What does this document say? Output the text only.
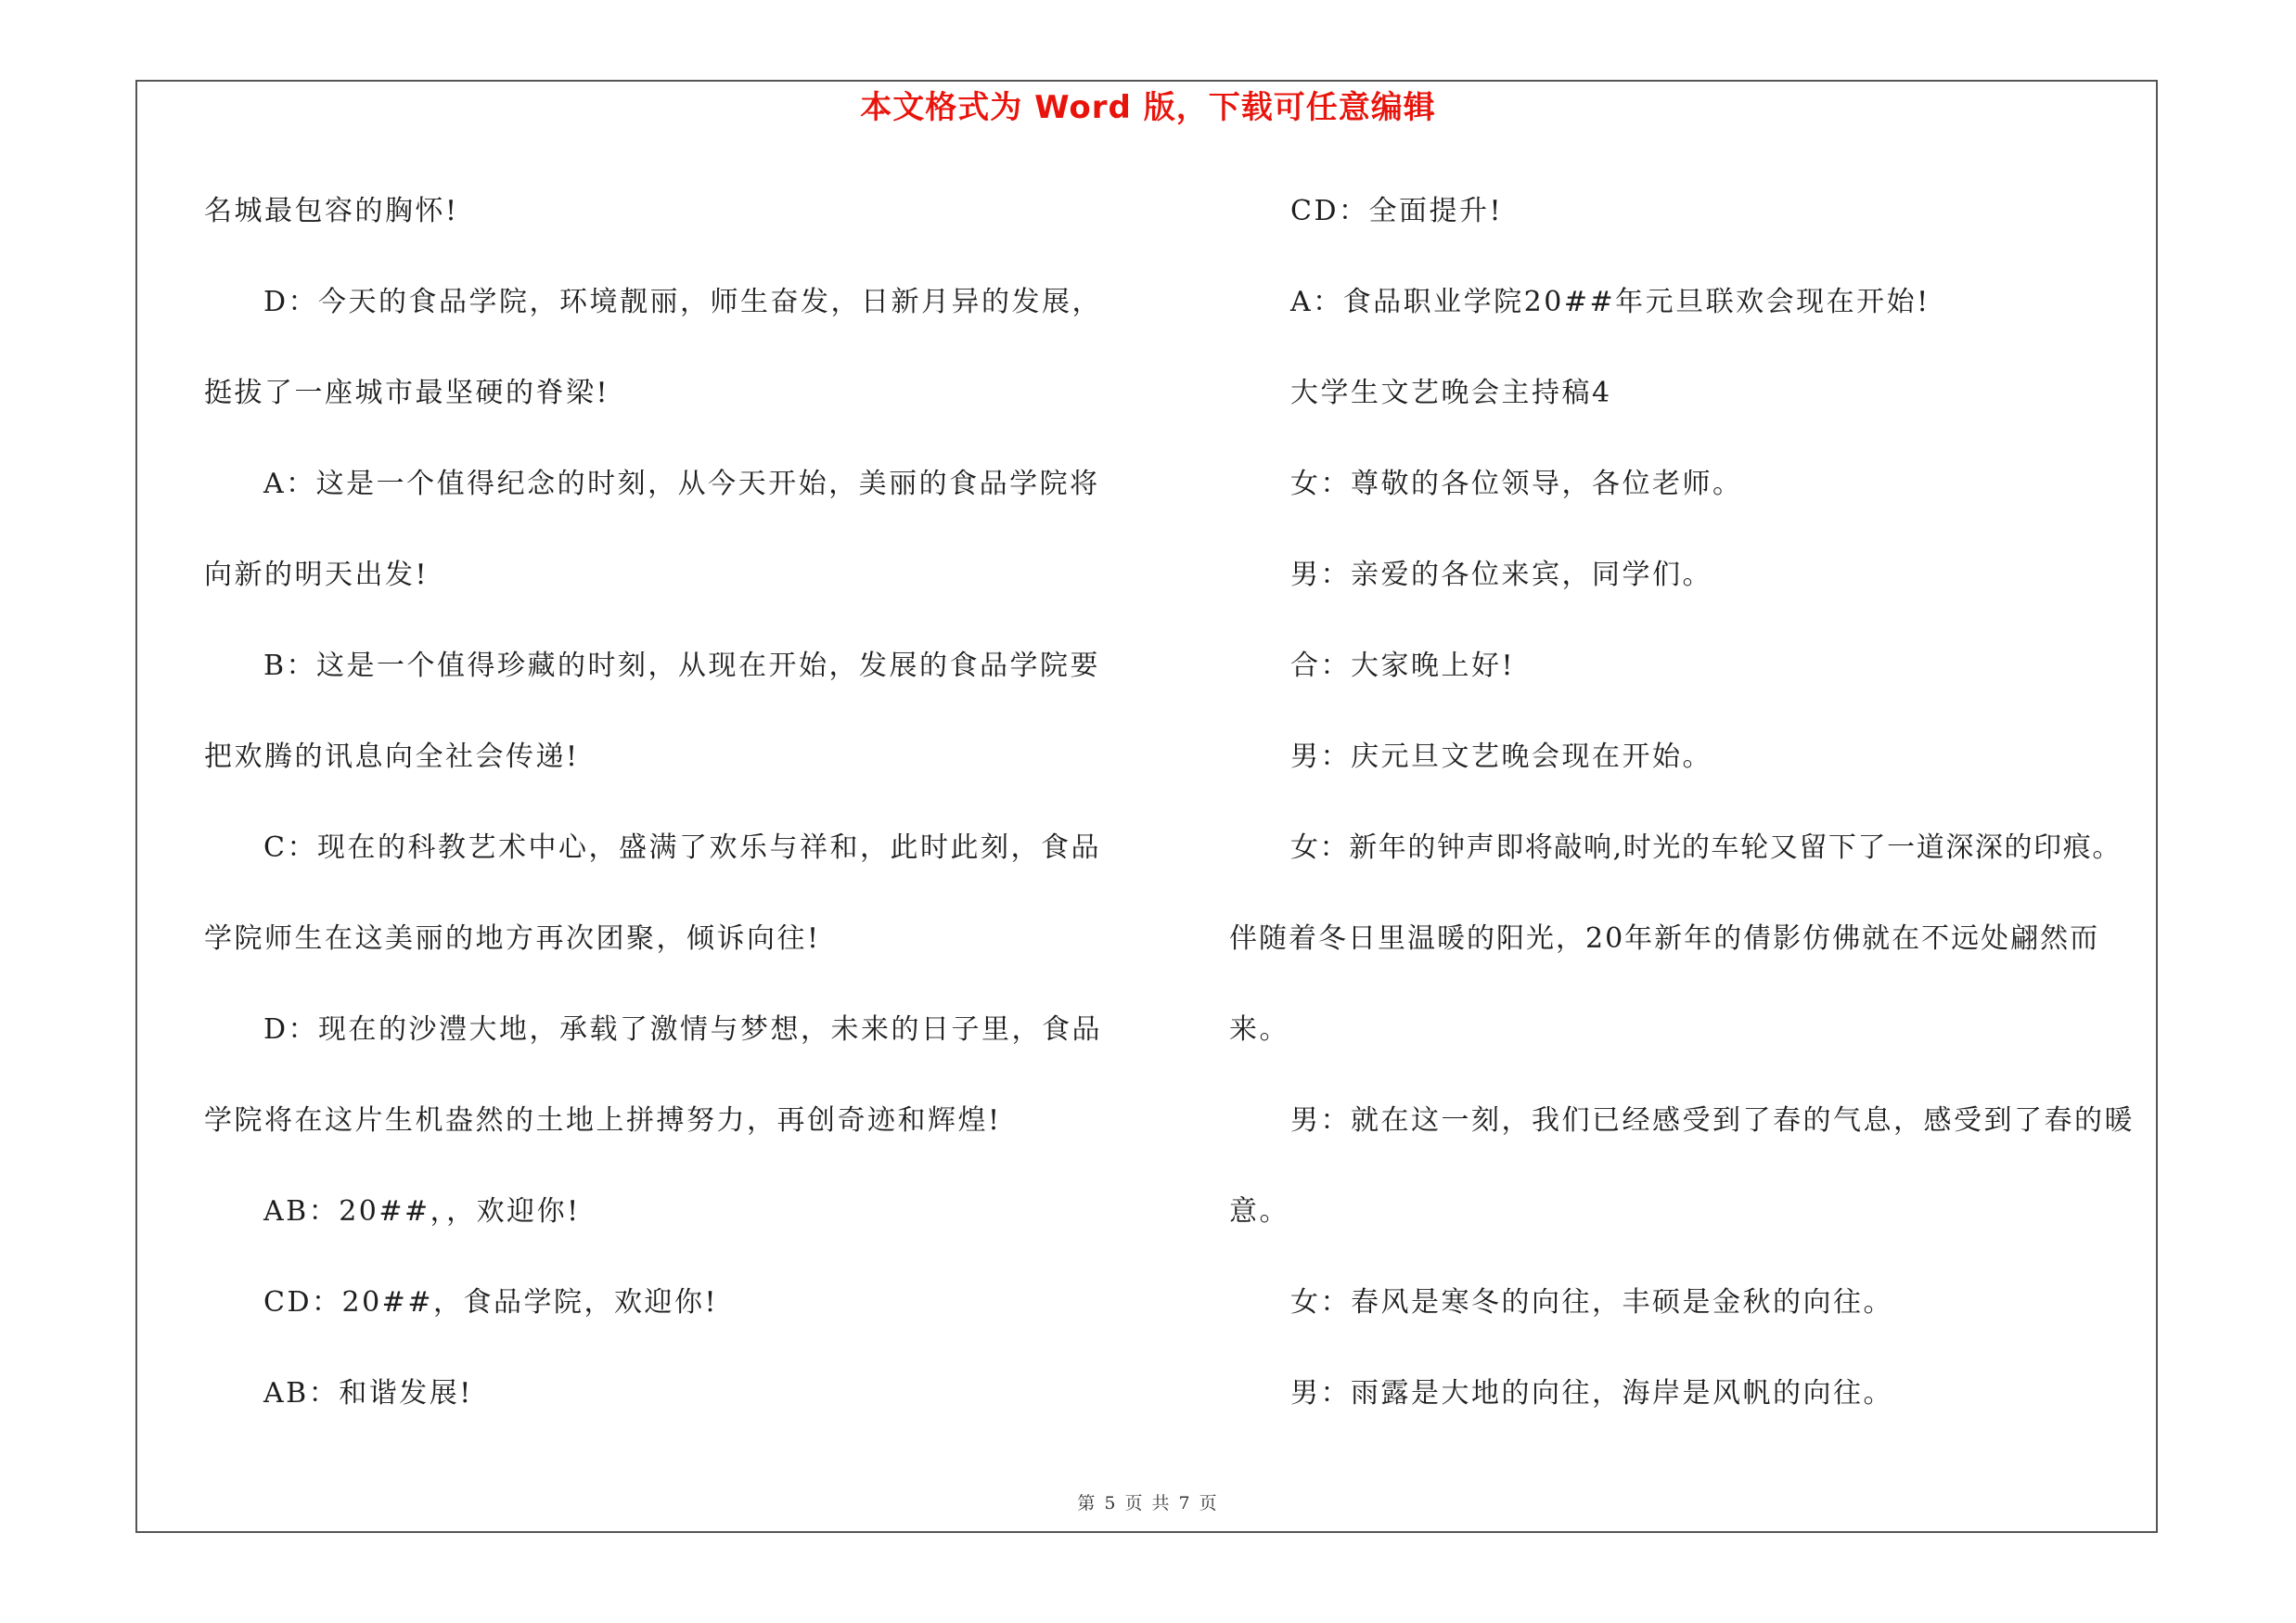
本文格式为 Word 版，下载可任意编辑
名城最包容的胸怀!
D：今天的食品学院，环境靓丽，师生奋发，日新月异的发展，
挺拔了一座城市最坚硬的脊梁!
A：这是一个值得纪念的时刻，从今天开始，美丽的食品学院将
向新的明天出发!
B：这是一个值得珍藏的时刻，从现在开始，发展的食品学院要
把欢腾的讯息向全社会传递!
C：现在的科教艺术中心，盛满了欢乐与祥和，此时此刻，食品
学院师生在这美丽的地方再次团聚，倾诉向往!
D：现在的沙澧大地，承载了激情与梦想，未来的日子里，食品
学院将在这片生机盎然的土地上拼搏努力，再创奇迹和辉煌!
AB：20##，，欢迎你!
CD：20##，食品学院，欢迎你!
AB：和谐发展!
CD：全面提升!
A：食品职业学院20##年元旦联欢会现在开始!
大学生文艺晚会主持稿4
女：尊敬的各位领导，各位老师。
男：亲爱的各位来宾，同学们。
合：大家晚上好!
男：庆元旦文艺晚会现在开始。
女：新年的钟声即将敲响,时光的车轮又留下了一道深深的印痕。
伴随着冬日里温暖的阳光，20年新年的倩影仿佛就在不远处翩然而
来。
男：就在这一刻，我们已经感受到了春的气息，感受到了春的暖
意。
女：春风是寒冬的向往，丰硕是金秋的向往。
男：雨露是大地的向往，海岸是风帆的向往。
第 5 页 共 7 页
